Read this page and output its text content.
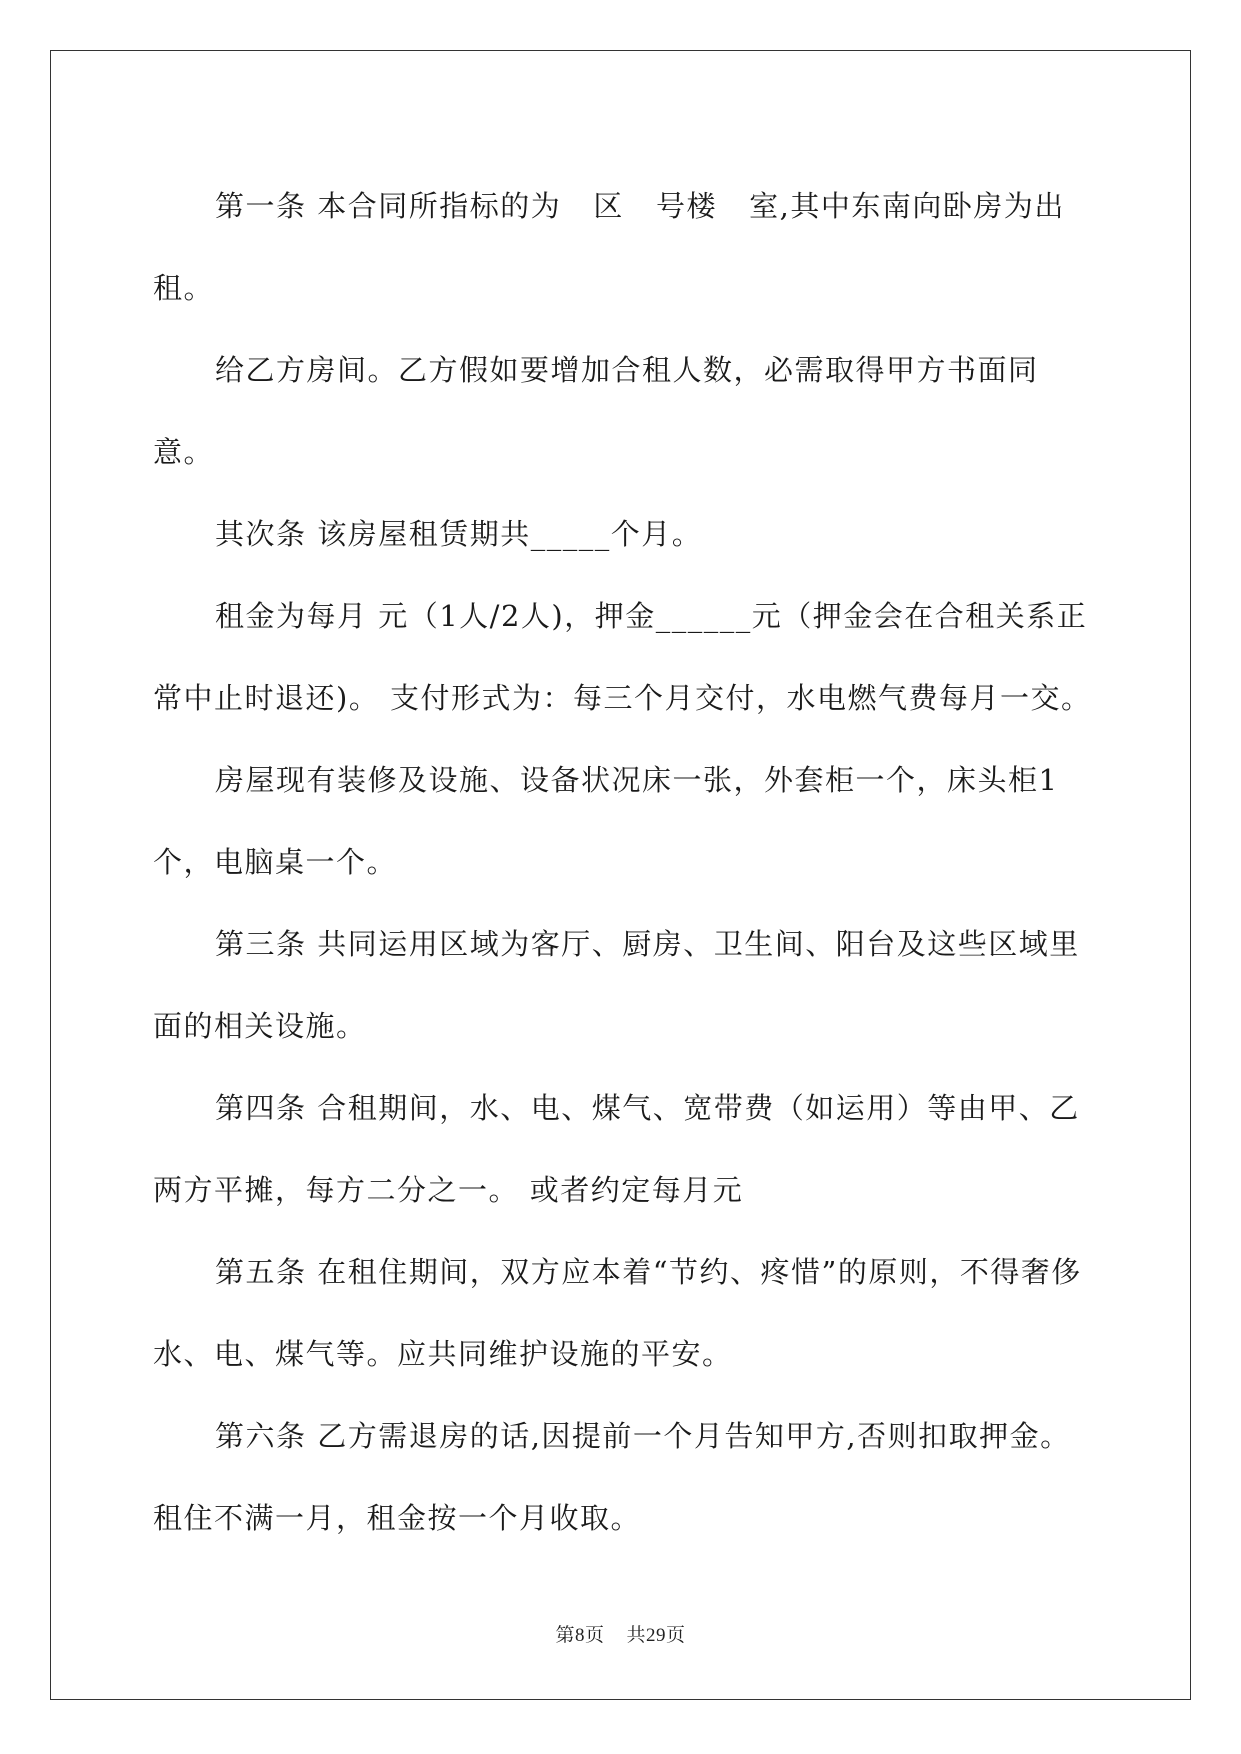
第一条 本合同所指标的为   区   号楼   室,其中东南向卧房为出租。

给乙方房间。乙方假如要增加合租人数，必需取得甲方书面同意。

其次条 该房屋租赁期共_____个月。

租金为每月 元（1人/2人)，押金______元（押金会在合租关系正常中止时退还)。 支付形式为：每三个月交付，水电燃气费每月一交。

房屋现有装修及设施、设备状况床一张，外套柜一个，床头柜1个，电脑桌一个。

第三条 共同运用区域为客厅、厨房、卫生间、阳台及这些区域里面的相关设施。

第四条 合租期间，水、电、煤气、宽带费（如运用）等由甲、乙两方平摊，每方二分之一。 或者约定每月元

第五条 在租住期间，双方应本着“节约、疼惜”的原则，不得奢侈水、电、煤气等。应共同维护设施的平安。

第六条 乙方需退房的话,因提前一个月告知甲方,否则扣取押金。租住不满一月，租金按一个月收取。

第8页 共29页
